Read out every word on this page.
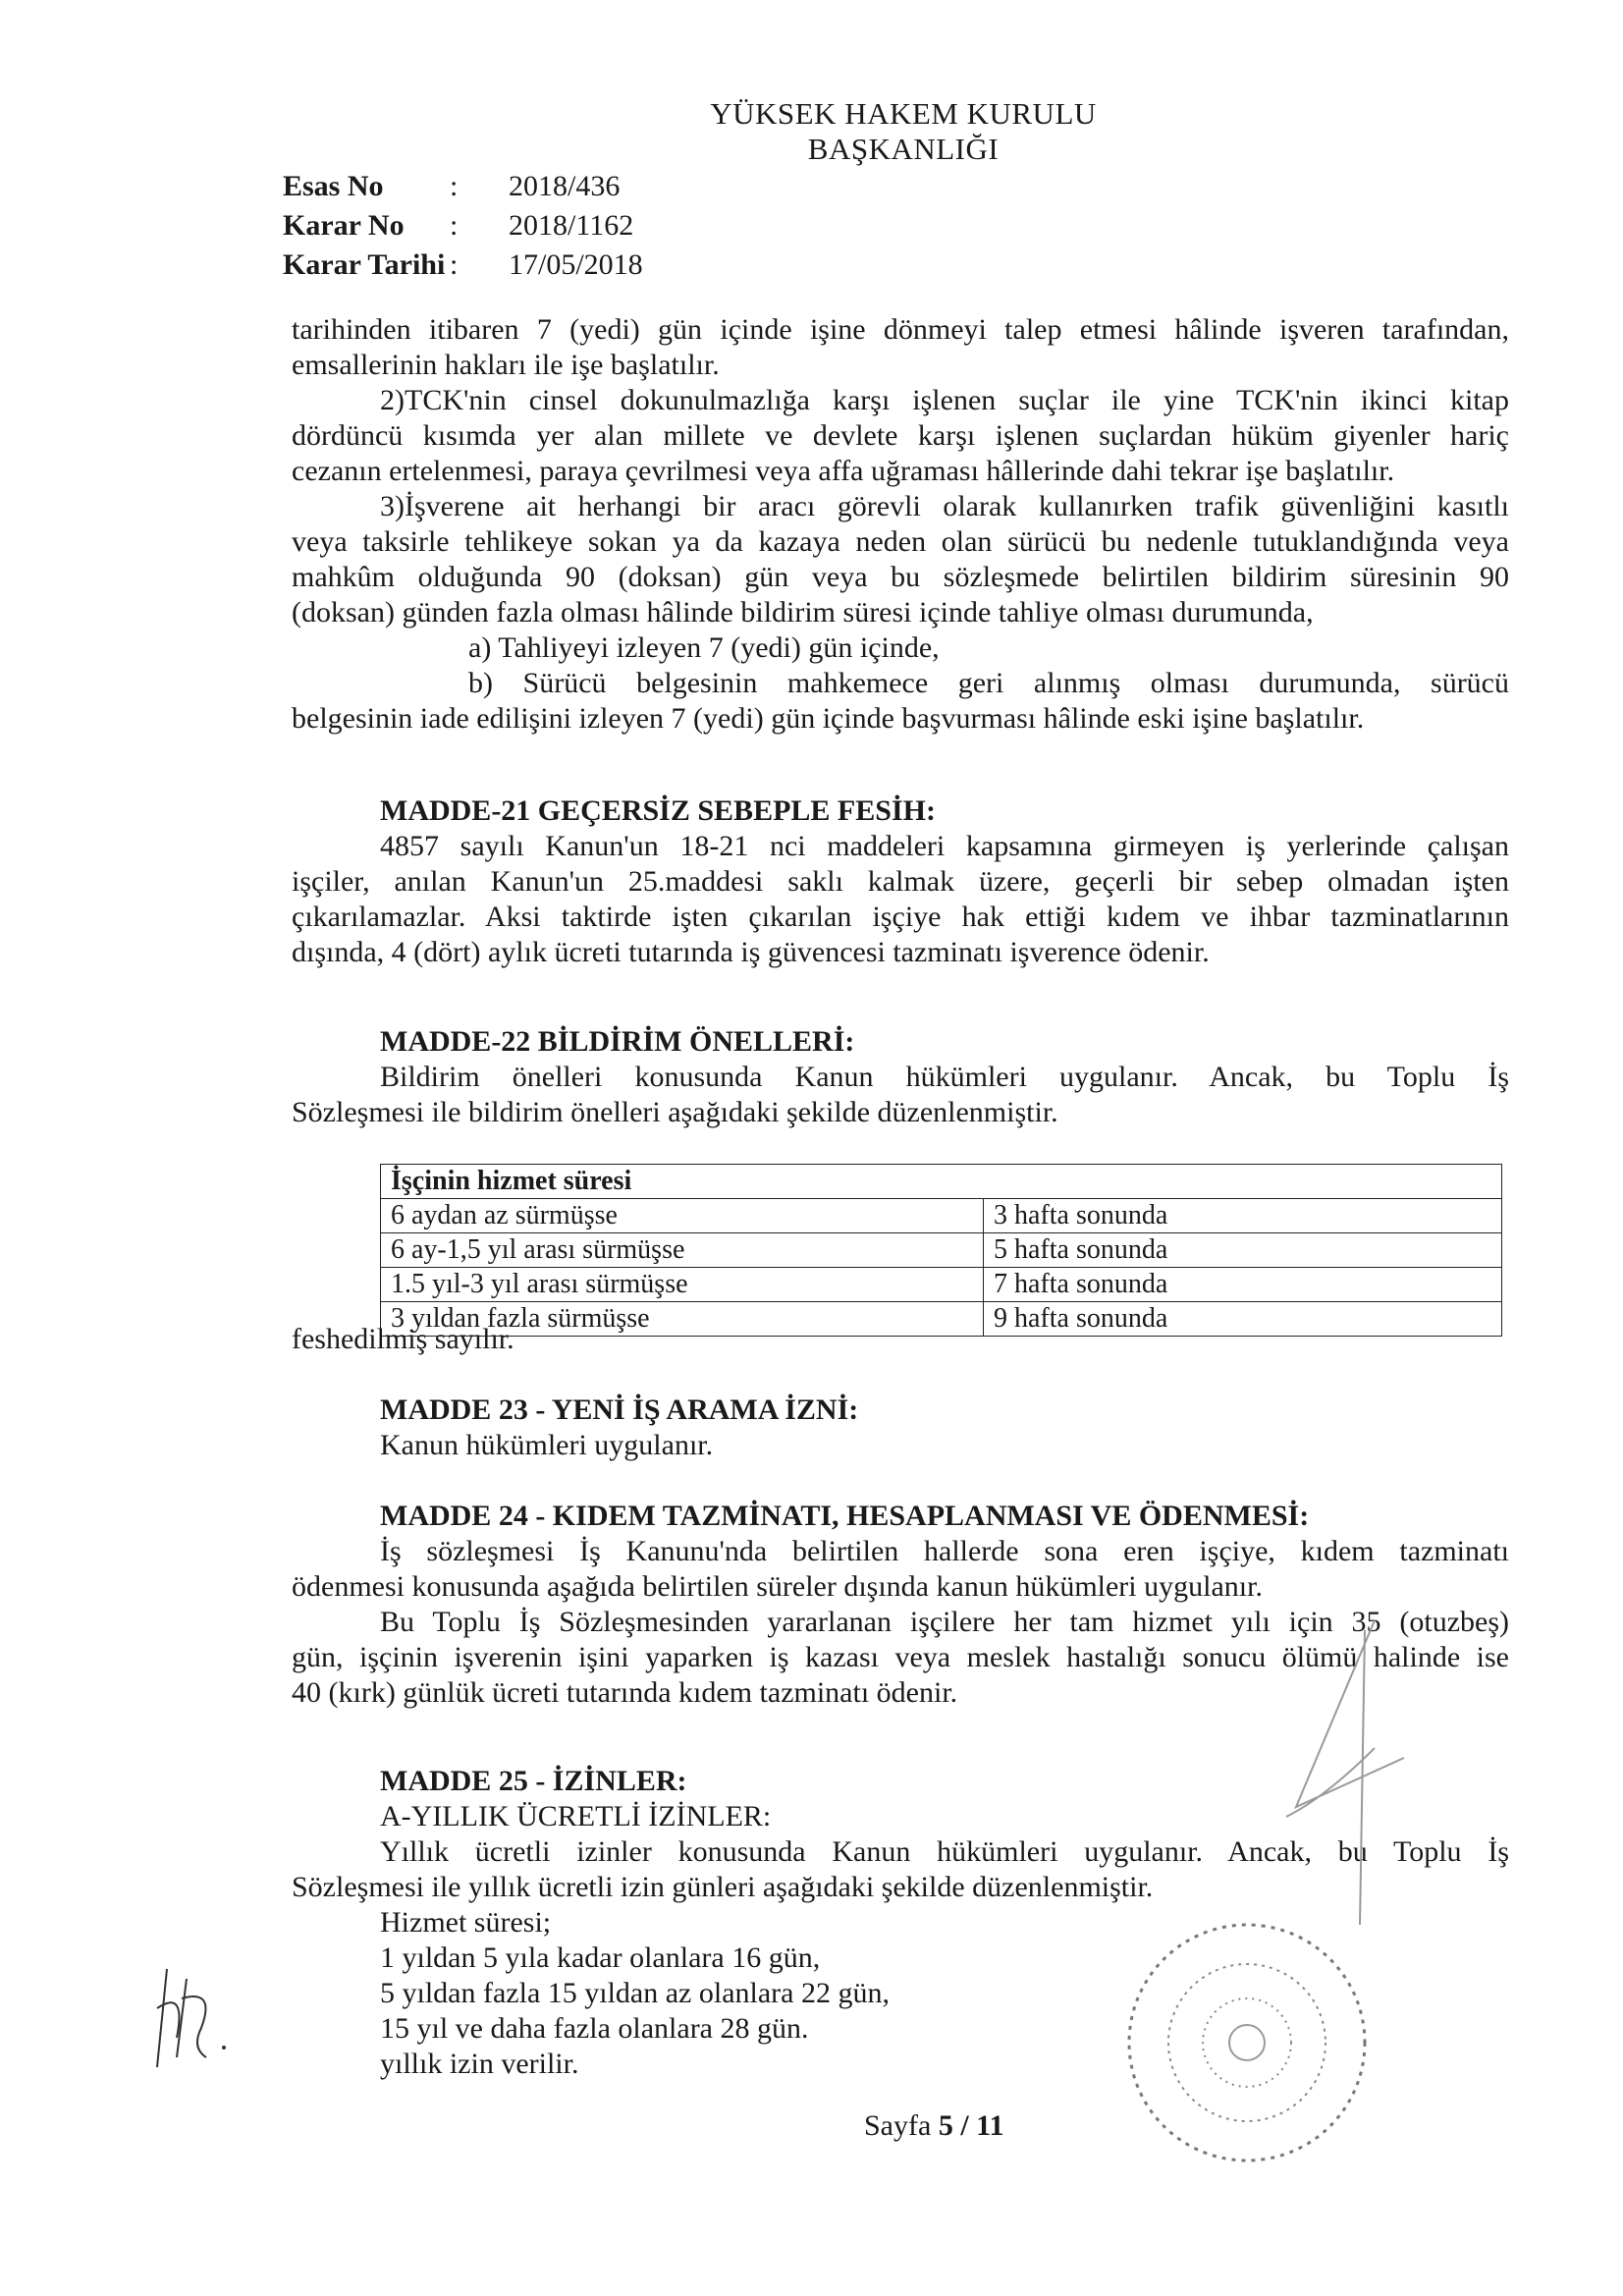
YÜKSEK HAKEM KURULU
BAŞKANLIĞI
Esas No	:	2018/436
Karar No	:	2018/1162
Karar Tarihi :	17/05/2018
tarihinden itibaren 7 (yedi) gün içinde işine dönmeyi talep etmesi hâlinde işveren tarafından,
emsallerinin hakları ile işe başlatılır.
2)TCK'nin cinsel dokunulmazlığa karşı işlenen suçlar ile yine TCK'nin ikinci kitap
dördüncü kısımda yer alan millete ve devlete karşı işlenen suçlardan hüküm giyenler hariç
cezanın ertelenmesi, paraya çevrilmesi veya affa uğraması hâllerinde dahi tekrar işe başlatılır.
3)İşverene ait herhangi bir aracı görevli olarak kullanırken trafik güvenliğini kasıtlı
veya taksirle tehlikeye sokan ya da kazaya neden olan sürücü bu nedenle tutuklandığında veya
mahkûm olduğunda 90 (doksan) gün veya bu sözleşmede belirtilen bildirim süresinin 90
(doksan) günden fazla olması hâlinde bildirim süresi içinde tahliye olması durumunda,
a) Tahliyeyi izleyen 7 (yedi) gün içinde,
b) Sürücü belgesinin mahkemece geri alınmış olması durumunda, sürücü
belgesinin iade edilişini izleyen 7 (yedi) gün içinde başvurması hâlinde eski işine başlatılır.
MADDE-21 GEÇERSİZ SEBEPLE FESİH:
4857 sayılı Kanun'un 18-21 nci maddeleri kapsamına girmeyen iş yerlerinde çalışan
işçiler, anılan Kanun'un 25.maddesi saklı kalmak üzere, geçerli bir sebep olmadan işten
çıkarılamazlar. Aksi taktirde işten çıkarılan işçiye hak ettiği kıdem ve ihbar tazminatlarının
dışında, 4 (dört) aylık ücreti tutarında iş güvencesi tazminatı işverence ödenir.
MADDE-22 BİLDİRİM ÖNELLERİ:
Bildirim önelleri konusunda Kanun hükümleri uygulanır. Ancak, bu Toplu İş
Sözleşmesi ile bildirim önelleri aşağıdaki şekilde düzenlenmiştir.
İşçinin hizmet süresi	
6 aydan az sürmüşse	3 hafta sonunda
6 ay-1,5 yıl arası sürmüşse	5 hafta sonunda
1.5 yıl-3 yıl arası sürmüşse	7 hafta sonunda
3 yıldan fazla sürmüşse	9 hafta sonunda
feshedilmiş sayılır.
MADDE 23 - YENİ İŞ ARAMA İZNİ:
Kanun hükümleri uygulanır.
MADDE 24 - KIDEM TAZMİNATI, HESAPLANMASI VE ÖDENMESİ:
İş sözleşmesi İş Kanunu'nda belirtilen hallerde sona eren işçiye, kıdem tazminatı
ödenmesi konusunda aşağıda belirtilen süreler dışında kanun hükümleri uygulanır.
Bu Toplu İş Sözleşmesinden yararlanan işçilere her tam hizmet yılı için 35 (otuzbeş)
gün, işçinin işverenin işini yaparken iş kazası veya meslek hastalığı sonucu ölümü halinde ise
40 (kırk) günlük ücreti tutarında kıdem tazminatı ödenir.
MADDE 25 - İZİNLER:
A-YILLIK ÜCRETLİ İZİNLER:
Yıllık ücretli izinler konusunda Kanun hükümleri uygulanır. Ancak, bu Toplu İş
Sözleşmesi ile yıllık ücretli izin günleri aşağıdaki şekilde düzenlenmiştir.
Hizmet süresi;
1 yıldan 5 yıla kadar olanlara 16 gün,
5 yıldan fazla 15 yıldan az olanlara 22 gün,
15 yıl ve daha fazla olanlara 28 gün.
yıllık izin verilir.
Sayfa 5 / 11
